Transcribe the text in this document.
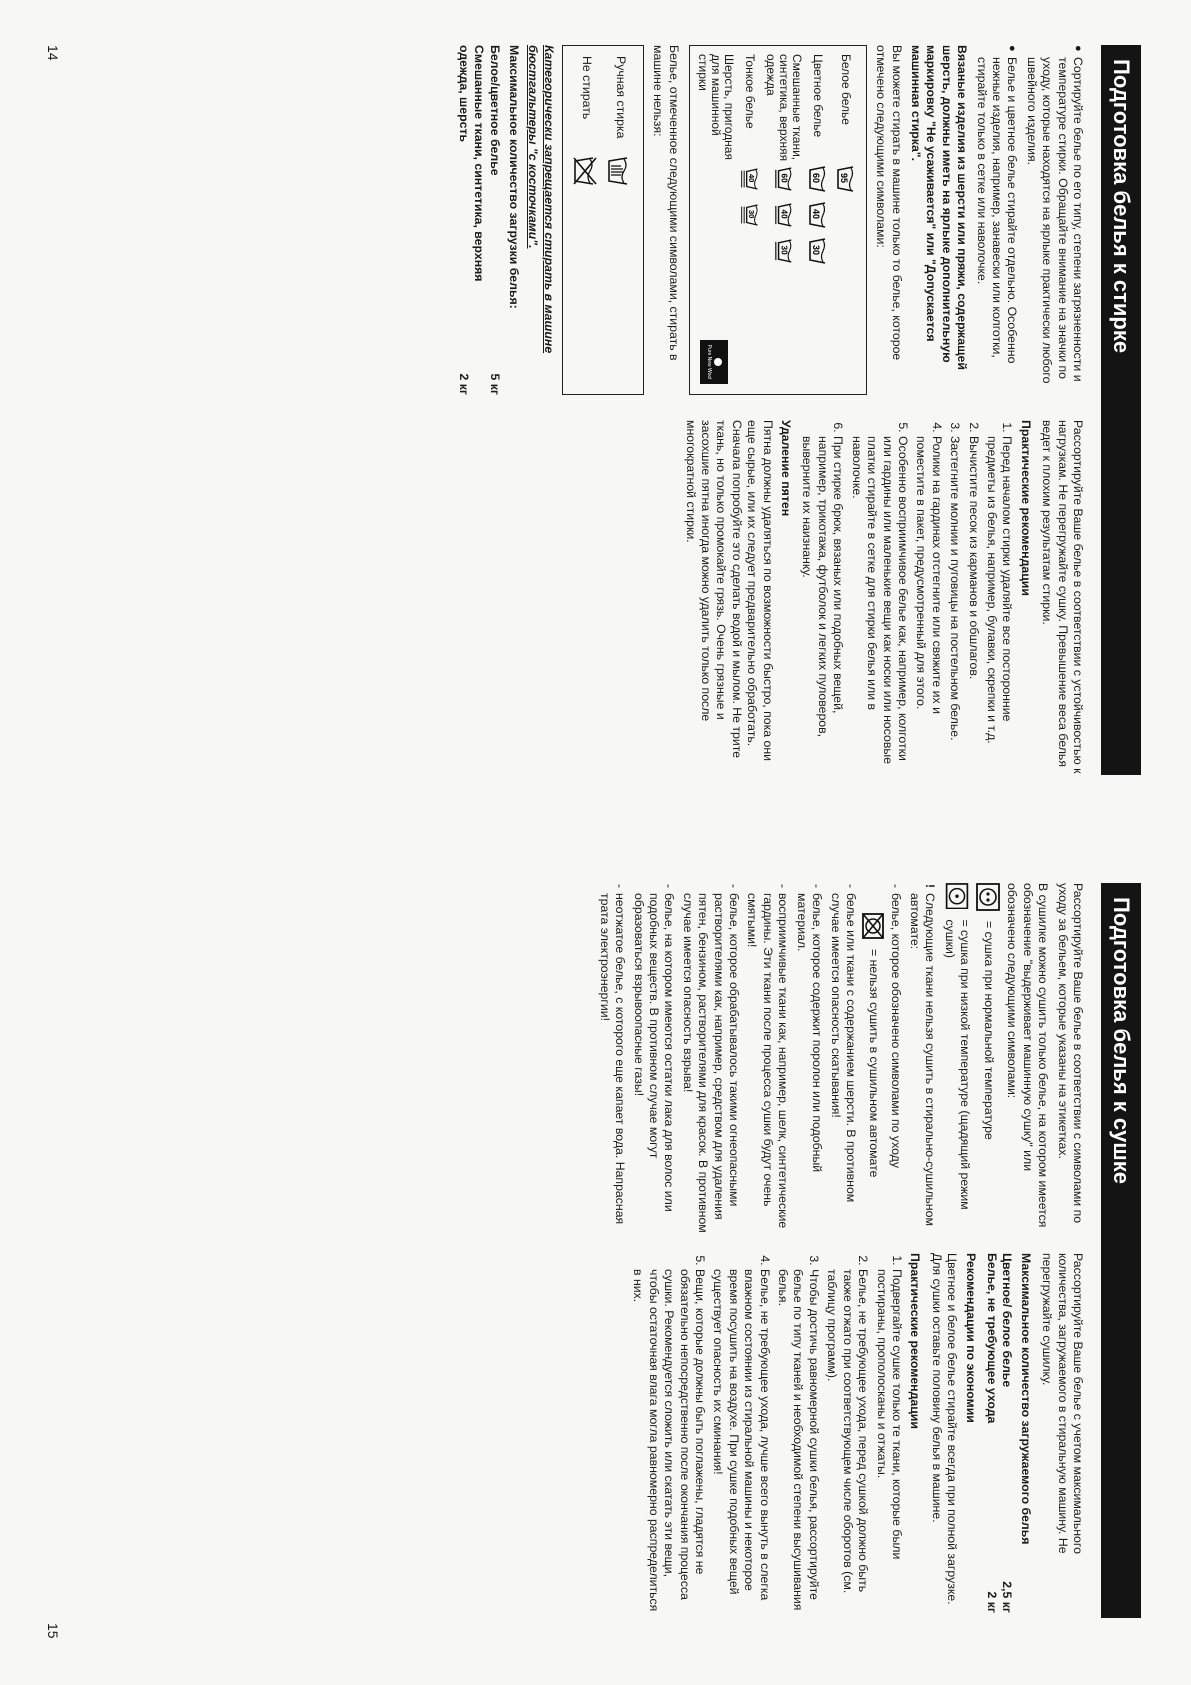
Подготовка белья к стирке

● Сортируйте белье по его типу, степени загрязненности и температуре стирки. Обращайте внимание на значки по уходу, которые находятся на ярлыке практически любого швейного изделия.

● Белье и цветное белье стирайте отдельно. Особенно нежные изделия, например, занавески или колготки, стирайте только в сетке или наволочке.

Вязаные изделия из шерсти или пряжи, содержащей шерсть, должны иметь на ярлыке дополнительную маркировку "Не усаживается" или "Допускается машинная стирка".

Вы можете стирать в машине только то белье, которое отмечено следующими символами:

Белое белье
95
Цветное белье
60
40
30
Смешанные ткани, синтетика, верхняя одежда
60
40
30
Тонкое белье
40
30
Шерсть, пригодная для машинной стирки
Pure New Wool

Белье, отмеченное следующими символами, стирать в машине нельзя:

Ручная стирка
Не стирать

Категорически запрещается стирать в машине бюстгальтеры "с косточками".

Максимальное количество загрузки белья:

Белое/цветное белье
5 кг
Смешанные ткани, синтетика, верхняя одежда, шерсть
2 кг

Рассортируйте Ваше белье в соответствии с устойчивостью к нагрузкам. Не перегружайте сушку. Превышение веса белья ведет к плохим результатам стирки.

Практические рекомендации
1. Перед началом стирки удаляйте все посторонние предметы из белья, например, булавки, скрепки и т.д.
2. Вычистите песок из карманов и обшлагов.
3. Застегните молнии и пуговицы на постельном белье.
4. Ролики на гардинах отстегните или свяжите их и поместите в пакет, предусмотренный для этого.
5. Особенно восприимчивое белье как, например, колготки или гардины или маленькие вещи как носки или носовые платки стирайте в сетке для стирки белья или в наволочке.
6. При стирке брюк, вязаных или подобных вещей, например, трикотажа, футболок и легких пуловеров, выверните их наизнанку.
Удаление пятен

Пятна должны удаляться по возможности быстро, пока они еще сырые, или их следует предварительно обработать. Сначала попробуйте это сделать водой и мылом. Не трите ткань, но только промокайте грязь. Очень грязные и засохшие пятна иногда можно удалить только после многократной стирки.

14
Подготовка белья к сушке

Рассортируйте Ваше белье в соответствии с символами по уходу за бельем, которые указаны на этикетках.

В сушилке можно сушить только белье, на котором имеется обозначение "выдерживает машинную сушку" или обозначено следующими символами:

= сушка при нормальной температуре
= сушка при низкой температуре (щадящий режим сушки)
! Следующие ткани нельзя сушить в стирально-сушильном автомате:
- белье, которое обозначено символами по уходу
= нельзя сушить в сушильном автомате
- белье или ткани с содержанием шерсти. В противном случае имеется опасность скатывания!
- белье, которое содержит поролон или подобный материал.
- восприимчивые ткани как, например, шелк, синтетические гардины. Эти ткани после процесса сушки будут очень смятыми!
- белье, которое обрабатывалось такими огнеопасными растворителями как, например, средством для удаления пятен, бензином, растворителями для красок. В противном случае имеется опасность взрыва!
- белье, на котором имеются остатки лака для волос или подобных веществ. В противном случае могут образоваться взрывоопасные газы!
- неотжатое белье, с которого еще капает вода. Напрасная трата электроэнергии!

Рассортируйте Ваше белье с учетом максимального количества, загружаемого в стиральную машину. Не перегружайте сушилку.

Максимальное количество загружаемого белья
Цветное/ белое белье
2,5 кг
Белье, не требующее ухода
2 кг
Рекомендации по экономии

Цветное и белое белье стирайте всегда при полной загрузке. Для сушки оставьте половину белья в машине.

Практические рекомендации
1. Подвергайте сушке только те ткани, которые были постираны, прополосканы и отжаты.
2. Белье, не требующее ухода, перед сушкой должно быть также отжато при соответствующем числе оборотов (см. таблицу программ).
3. Чтобы достичь равномерной сушки белья, рассортируйте белье по типу тканей и необходимой степени высушивания белья.
4. Белье, не требующее ухода, лучше всего вынуть в слегка влажном состоянии из стиральной машины и некоторое время посушить на воздухе. При сушке подобных вещей существует опасность их сминания!
5. Вещи, которые должны быть поглажены, гладятся не обязательно непосредственно после окончания процесса сушки. Рекомендуется сложить или скатать эти вещи, чтобы остаточная влага могла равномерно распределиться в них.
15
